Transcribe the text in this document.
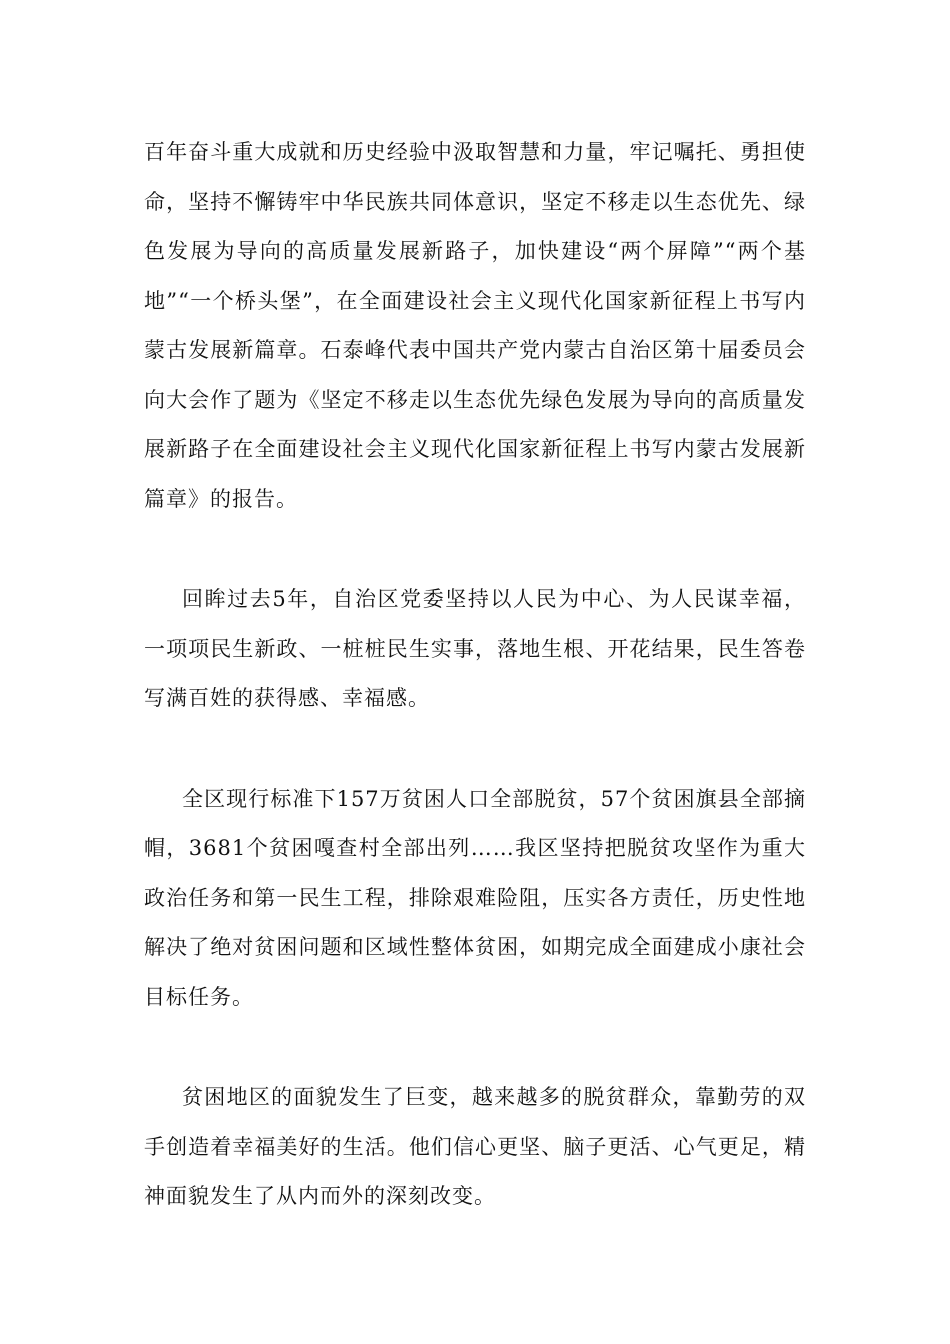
百年奋斗重大成就和历史经验中汲取智慧和力量，牢记嘱托、勇担使命，坚持不懈铸牢中华民族共同体意识，坚定不移走以生态优先、绿色发展为导向的高质量发展新路子，加快建设“两个屏障”“两个基地”“一个桥头堡”，在全面建设社会主义现代化国家新征程上书写内蒙古发展新篇章。石泰峰代表中国共产党内蒙古自治区第十届委员会向大会作了题为《坚定不移走以生态优先绿色发展为导向的高质量发展新路子在全面建设社会主义现代化国家新征程上书写内蒙古发展新篇章》的报告。

回眸过去5年，自治区党委坚持以人民为中心、为人民谋幸福，一项项民生新政、一桩桩民生实事，落地生根、开花结果，民生答卷写满百姓的获得感、幸福感。

全区现行标准下157万贫困人口全部脱贫，57个贫困旗县全部摘帽，3681个贫困嘎查村全部出列……我区坚持把脱贫攻坚作为重大政治任务和第一民生工程，排除艰难险阻，压实各方责任，历史性地解决了绝对贫困问题和区域性整体贫困，如期完成全面建成小康社会目标任务。

贫困地区的面貌发生了巨变，越来越多的脱贫群众，靠勤劳的双手创造着幸福美好的生活。他们信心更坚、脑子更活、心气更足，精神面貌发生了从内而外的深刻改变。
